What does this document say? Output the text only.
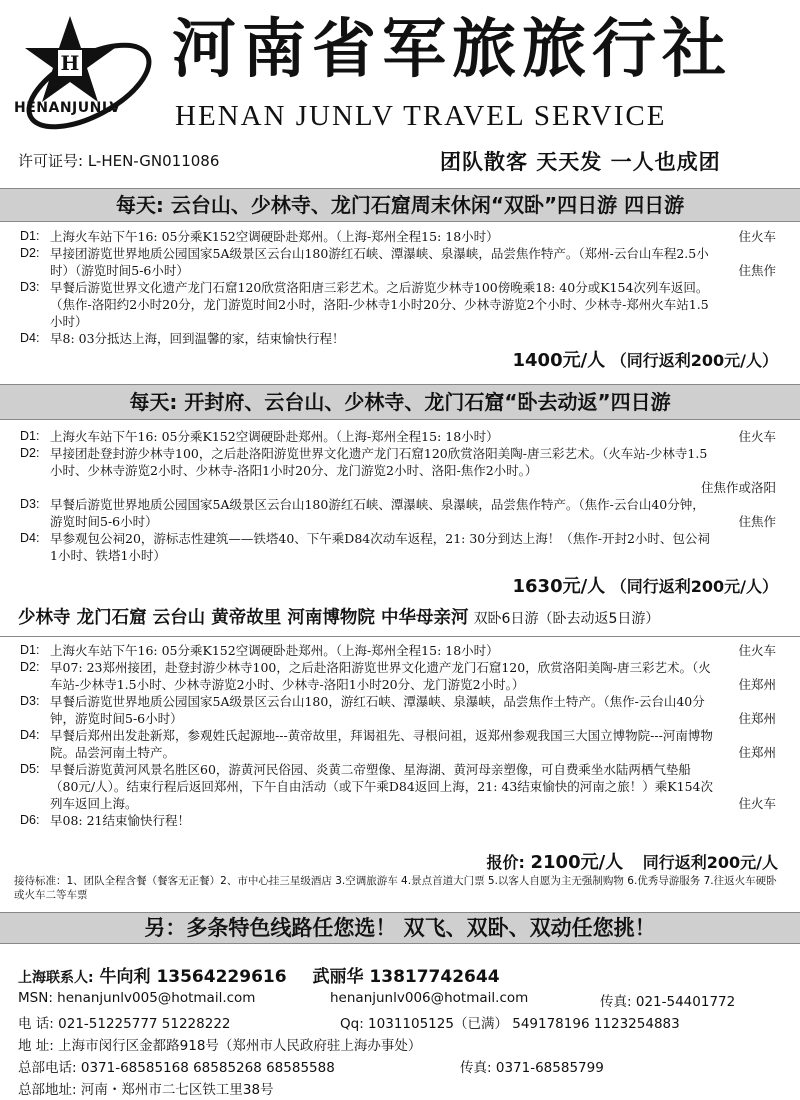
H
HENANJUNLV
河南省军旅旅行社
HENAN JUNLV TRAVEL SERVICE
许可证号: L-HEN-GN011086	团队散客 天天发 一人也成团
每天: 云台山、少林寺、龙门石窟周末休闲“双卧”四日游 四日游
D1: 上海火车站下午16: 05分乘K152空调硬卧赴郑州。（上海-郑州全程15: 18小时）	住火车
D2: 早接团游览世界地质公园国家5A级景区云台山180游红石峡、潭瀑峡、泉瀑峡，品尝焦作特产。（郑州-云台山车程2.5小时）（游览时间5-6小时）	住焦作
D3: 早餐后游览世界文化遗产龙门石窟120欣赏洛阳唐三彩艺术。之后游览少林寺100傍晚乘18: 40分或K154次列车返回。（焦作-洛阳约2小时20分，龙门游览时间2小时，洛阳-少林寺1小时20分、少林寺游览2个小时、少林寺-郑州火车站1.5小时）
D4: 早8: 03分抵达上海，回到温馨的家，结束愉快行程！
1400元/人 （同行返利200元/人）
每天: 开封府、云台山、少林寺、龙门石窟“卧去动返”四日游
D1: 上海火车站下午16: 05分乘K152空调硬卧赴郑州。（上海-郑州全程15: 18小时）	住火车
D2: 早接团赴登封游少林寺100，之后赴洛阳游览世界文化遗产龙门石窟120欣赏洛阳美陶-唐三彩艺术。（火车站-少林寺1.5小时、少林寺游览2小时、少林寺-洛阳1小时20分、龙门游览2小时、洛阳-焦作2小时。）
住焦作或洛阳
D3: 早餐后游览世界地质公园国家5A级景区云台山180游红石峡、潭瀑峡、泉瀑峡，品尝焦作特产。（焦作-云台山40分钟，游览时间5-6小时）	住焦作
D4: 早参观包公祠20，游标志性建筑——铁塔40、下午乘D84次动车返程，21: 30分到达上海！（焦作-开封2小时、包公祠1小时、铁塔1小时）
1630元/人 （同行返利200元/人）
少林寺 龙门石窟 云台山 黄帝故里 河南博物院 中华母亲河 双卧6日游（卧去动返5日游）
D1: 上海火车站下午16: 05分乘K152空调硬卧赴郑州。（上海-郑州全程15: 18小时）	住火车
D2: 早07: 23郑州接团，赴登封游少林寺100，之后赴洛阳游览世界文化遗产龙门石窟120，欣赏洛阳美陶-唐三彩艺术。（火车站-少林寺1.5小时、少林寺游览2小时、少林寺-洛阳1小时20分、龙门游览2小时。）	住郑州
D3: 早餐后游览世界地质公园国家5A级景区云台山180，游红石峡、潭瀑峡、泉瀑峡，品尝焦作土特产。（焦作-云台山40分钟，游览时间5-6小时）	住郑州
D4: 早餐后郑州出发赴新郑，参观姓氏起源地---黄帝故里，拜谒祖先、寻根问祖，返郑州参观我国三大国立博物院---河南博物院。品尝河南土特产。	住郑州
D5: 早餐后游览黄河风景名胜区60，游黄河民俗园、炎黄二帝塑像、星海湖、黄河母亲塑像，可自费乘坐水陆两栖气垫船（80元/人）。结束行程后返回郑州，下午自由活动（或下午乘D84返回上海，21: 43结束愉快的河南之旅！）乘K154次列车返回上海。	住火车
D6: 早08: 21结束愉快行程！
报价: 2100元/人 同行返利200元/人
接待标准：1、团队全程含餐（餐客无正餐）2、市中心挂三星级酒店 3.空调旅游车 4.景点首道大门票 5.以客人自愿为主无强制购物 6.优秀导游服务 7.往返火车硬卧或火车二等车票
另：多条特色线路任您选！ 双飞、双卧、双动任您挑！
上海联系人: 牛向利 13564229616 武丽华 13817742644
MSN: henanjunlv005@hotmail.com	henanjunlv006@hotmail.com	传真: 021-54401772
电 话: 021-51225777 51228222	Qq: 1031105125（已满） 549178196 1123254883
地 址: 上海市闵行区金都路918号（郑州市人民政府驻上海办事处）
总部电话: 0371-68585168 68585268 68585588	传真: 0371-68585799
总部地址: 河南・郑州市二七区铁工里38号
